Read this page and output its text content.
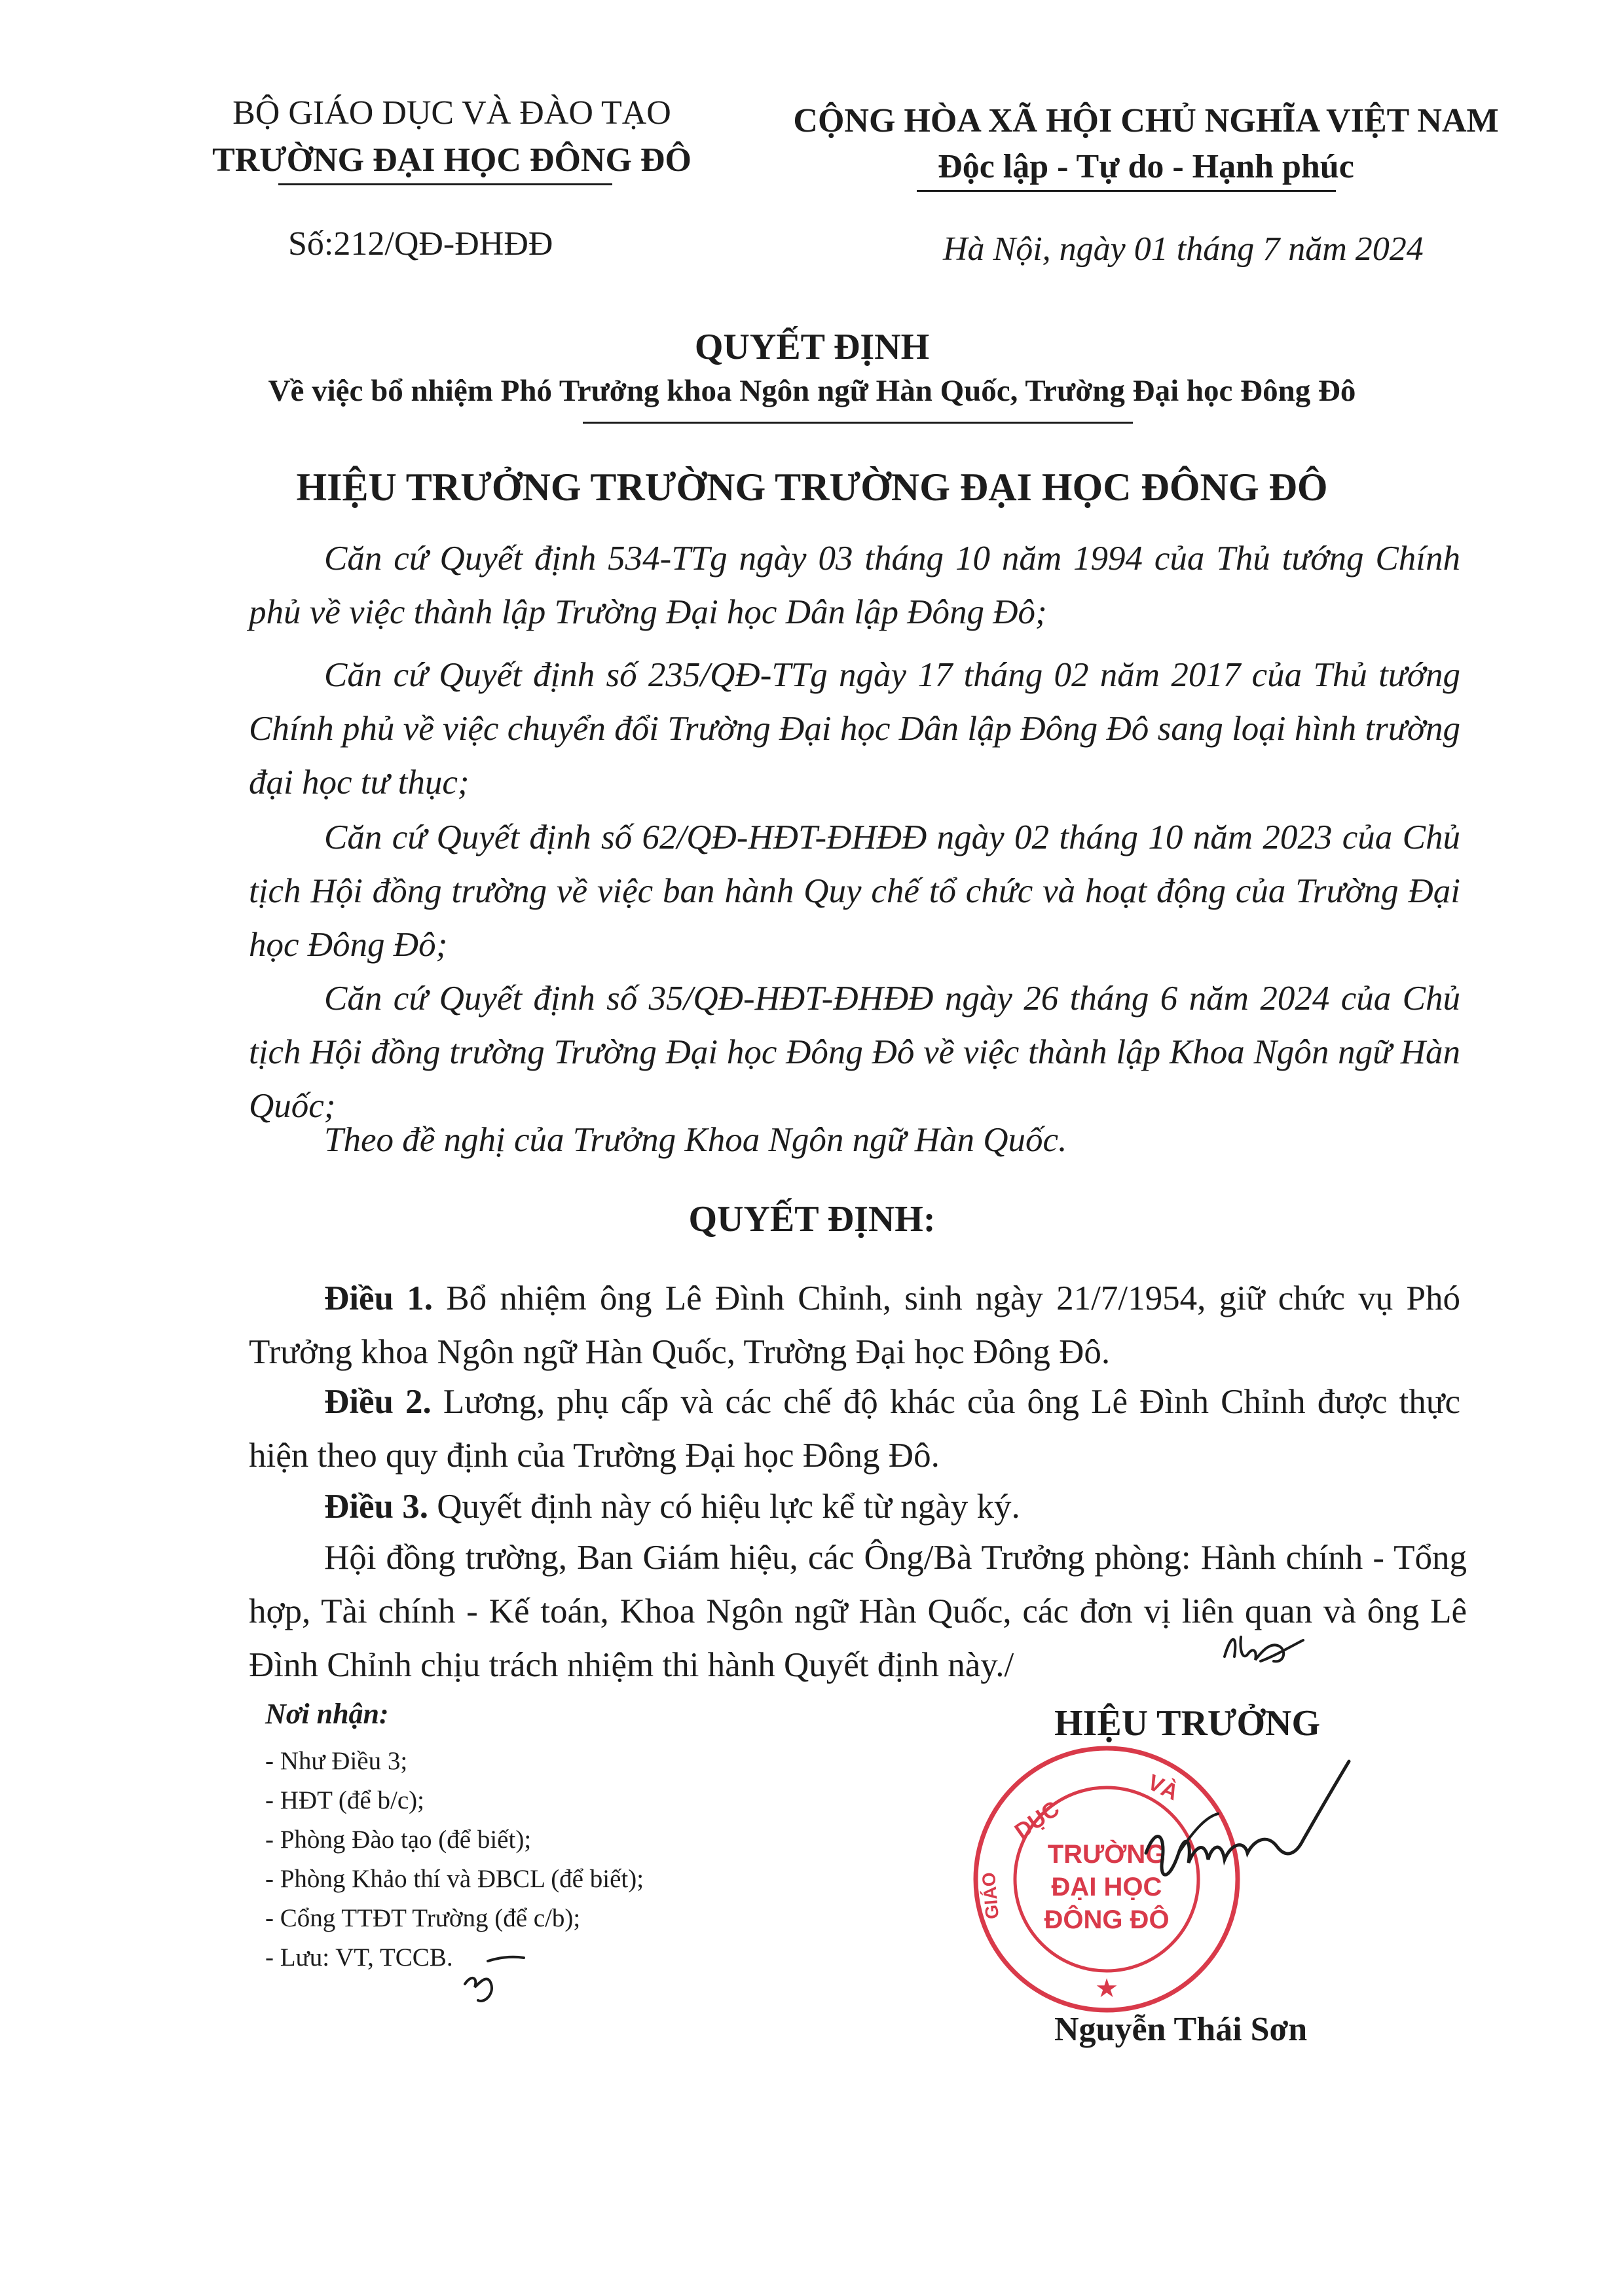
BỘ GIÁO DỤC VÀ ĐÀO TẠO
TRƯỜNG ĐẠI HỌC ĐÔNG ĐÔ
Số:212/QĐ-ĐHĐĐ
CỘNG HÒA XÃ HỘI CHỦ NGHĨA VIỆT NAM
Độc lập - Tự do - Hạnh phúc
Hà Nội, ngày 01 tháng 7 năm 2024
QUYẾT ĐỊNH
Về việc bổ nhiệm Phó Trưởng khoa Ngôn ngữ Hàn Quốc, Trường Đại học Đông Đô
HIỆU TRƯỞNG TRƯỜNG TRƯỜNG ĐẠI HỌC ĐÔNG ĐÔ
Căn cứ Quyết định 534-TTg ngày 03 tháng 10 năm 1994 của Thủ tướng Chính phủ về việc thành lập Trường Đại học Dân lập Đông Đô;
Căn cứ Quyết định số 235/QĐ-TTg ngày 17 tháng 02 năm 2017 của Thủ tướng Chính phủ về việc chuyển đổi Trường Đại học Dân lập Đông Đô sang loại hình trường đại học tư thục;
Căn cứ Quyết định số 62/QĐ-HĐT-ĐHĐĐ ngày 02 tháng 10 năm 2023 của Chủ tịch Hội đồng trường về việc ban hành Quy chế tổ chức và hoạt động của Trường Đại học Đông Đô;
Căn cứ Quyết định số 35/QĐ-HĐT-ĐHĐĐ ngày 26 tháng 6 năm 2024 của Chủ tịch Hội đồng trường Trường Đại học Đông Đô về việc thành lập Khoa Ngôn ngữ Hàn Quốc;
Theo đề nghị của Trưởng Khoa Ngôn ngữ Hàn Quốc.
QUYẾT ĐỊNH:
Điều 1. Bổ nhiệm ông Lê Đình Chỉnh, sinh ngày 21/7/1954, giữ chức vụ Phó Trưởng khoa Ngôn ngữ Hàn Quốc, Trường Đại học Đông Đô.
Điều 2. Lương, phụ cấp và các chế độ khác của ông Lê Đình Chỉnh được thực hiện theo quy định của Trường Đại học Đông Đô.
Điều 3. Quyết định này có hiệu lực kể từ ngày ký.
Hội đồng trường, Ban Giám hiệu, các Ông/Bà Trưởng phòng: Hành chính - Tổng hợp, Tài chính - Kế toán, Khoa Ngôn ngữ Hàn Quốc, các đơn vị liên quan và ông Lê Đình Chỉnh chịu trách nhiệm thi hành Quyết định này./
Nơi nhận:
- Như Điều 3;
- HĐT (để b/c);
- Phòng Đào tạo (để biết);
- Phòng Khảo thí và ĐBCL (để biết);
- Cổng TTĐT Trường (để c/b);
- Lưu: VT, TCCB.
HIỆU TRƯỞNG
DỤC
VÀ
GIÁO
★
TRƯỜNG
ĐẠI HỌC
ĐÔNG ĐÔ
Nguyễn Thái Sơn
